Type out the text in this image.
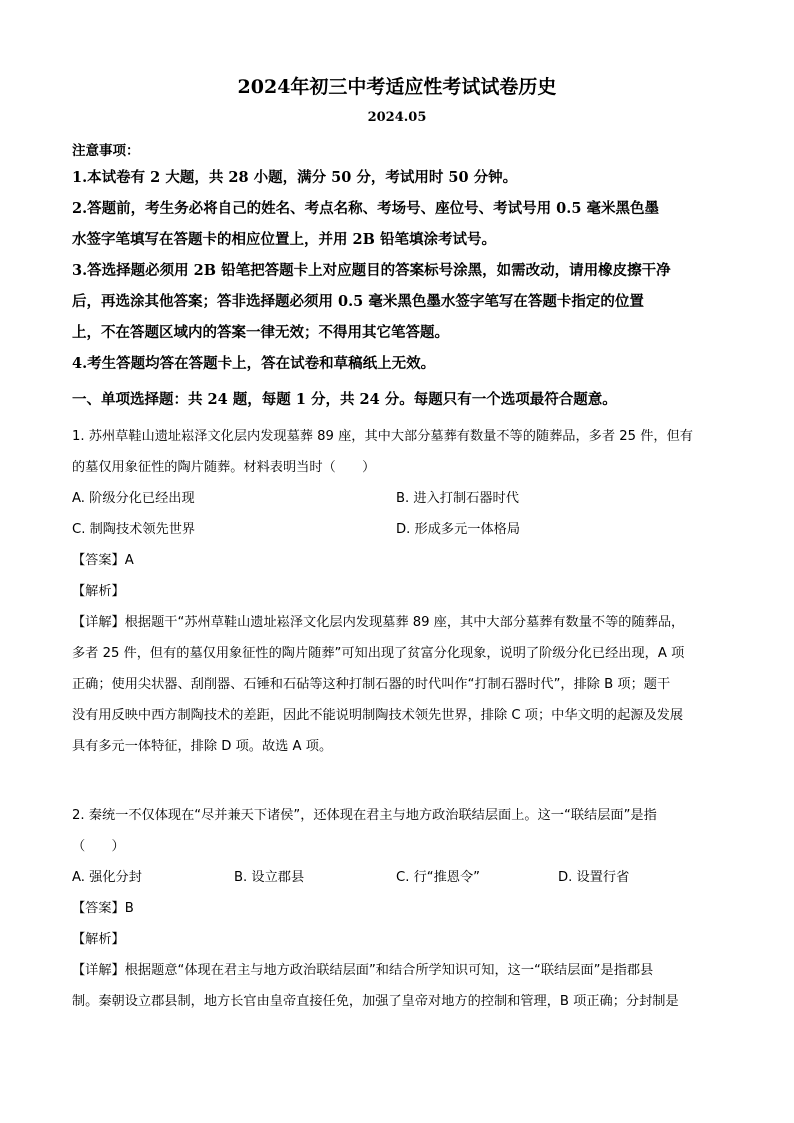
2024年初三中考适应性考试试卷历史
2024.05
注意事项：
1.本试卷有 2 大题，共 28 小题，满分 50 分，考试用时 50 分钟。
2.答题前，考生务必将自己的姓名、考点名称、考场号、座位号、考试号用 0.5 毫米黑色墨
水签字笔填写在答题卡的相应位置上，并用 2B 铅笔填涂考试号。
3.答选择题必须用 2B 铅笔把答题卡上对应题目的答案标号涂黑，如需改动，请用橡皮擦干净
后，再选涂其他答案；答非选择题必须用 0.5 毫米黑色墨水签字笔写在答题卡指定的位置
上，不在答题区域内的答案一律无效；不得用其它笔答题。
4.考生答题均答在答题卡上，答在试卷和草稿纸上无效。
一、单项选择题：共 24 题，每题 1 分，共 24 分。每题只有一个选项最符合题意。
1. 苏州草鞋山遗址崧泽文化层内发现墓葬 89 座，其中大部分墓葬有数量不等的随葬品，多者 25 件，但有
的墓仅用象征性的陶片随葬。材料表明当时（　　）
A. 阶级分化已经出现	B. 进入打制石器时代
C. 制陶技术领先世界	D. 形成多元一体格局
【答案】A
【解析】
【详解】根据题干“苏州草鞋山遗址崧泽文化层内发现墓葬 89 座，其中大部分墓葬有数量不等的随葬品，
多者 25 件，但有的墓仅用象征性的陶片随葬”可知出现了贫富分化现象，说明了阶级分化已经出现，A 项
正确；使用尖状器、刮削器、石锤和石砧等这种打制石器的时代叫作“打制石器时代”，排除 B 项；题干
没有用反映中西方制陶技术的差距，因此不能说明制陶技术领先世界，排除 C 项；中华文明的起源及发展
具有多元一体特征，排除 D 项。故选 A 项。
2. 秦统一不仅体现在“尽并兼天下诸侯”，还体现在君主与地方政治联结层面上。这一“联结层面”是指
（　　）
A. 强化分封	B. 设立郡县	C. 行“推恩令”	D. 设置行省
【答案】B
【解析】
【详解】根据题意“体现在君主与地方政治联结层面”和结合所学知识可知，这一“联结层面”是指郡县
制。秦朝设立郡县制，地方长官由皇帝直接任免，加强了皇帝对地方的控制和管理，B 项正确；分封制是
